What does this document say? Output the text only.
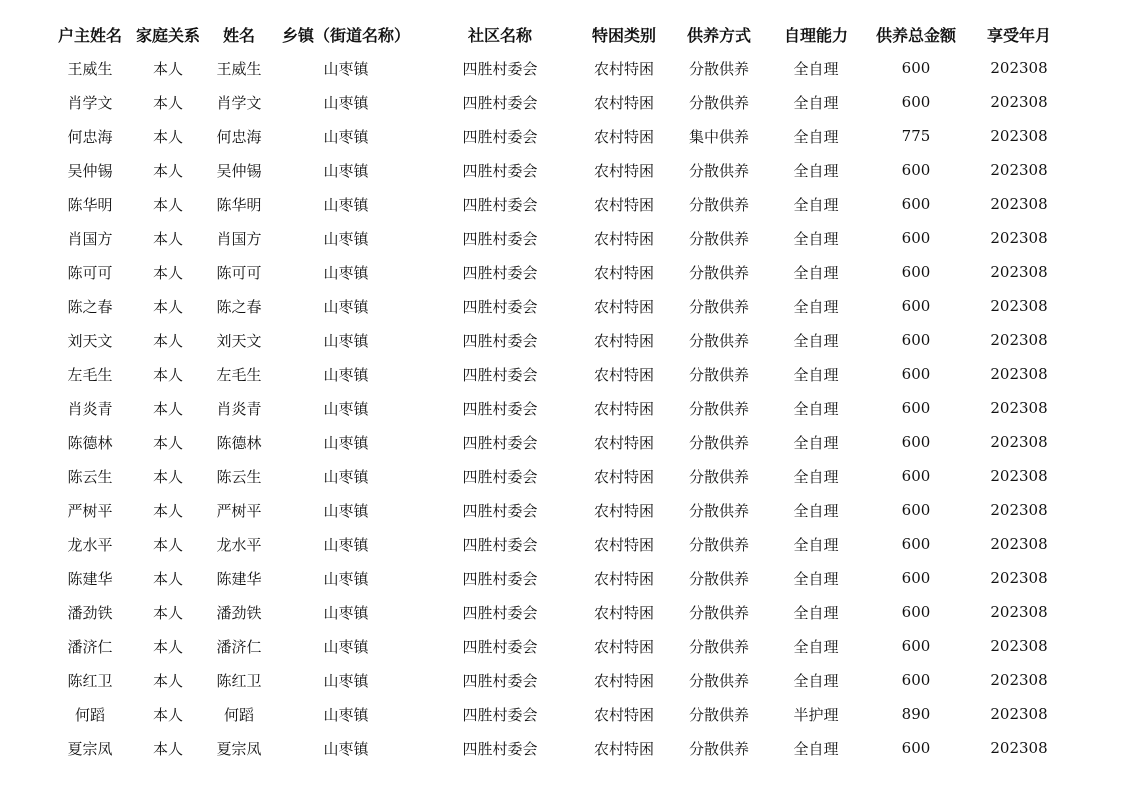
户主姓名	家庭关系	姓名	乡镇（街道名称）	社区名称	特困类别	供养方式	自理能力	供养总金额	享受年月
王威生	本人	王威生	山枣镇	四胜村委会	农村特困	分散供养	全自理	600	202308
肖学文	本人	肖学文	山枣镇	四胜村委会	农村特困	分散供养	全自理	600	202308
何忠海	本人	何忠海	山枣镇	四胜村委会	农村特困	集中供养	全自理	775	202308
吴仲锡	本人	吴仲锡	山枣镇	四胜村委会	农村特困	分散供养	全自理	600	202308
陈华明	本人	陈华明	山枣镇	四胜村委会	农村特困	分散供养	全自理	600	202308
肖国方	本人	肖国方	山枣镇	四胜村委会	农村特困	分散供养	全自理	600	202308
陈可可	本人	陈可可	山枣镇	四胜村委会	农村特困	分散供养	全自理	600	202308
陈之春	本人	陈之春	山枣镇	四胜村委会	农村特困	分散供养	全自理	600	202308
刘天文	本人	刘天文	山枣镇	四胜村委会	农村特困	分散供养	全自理	600	202308
左毛生	本人	左毛生	山枣镇	四胜村委会	农村特困	分散供养	全自理	600	202308
肖炎青	本人	肖炎青	山枣镇	四胜村委会	农村特困	分散供养	全自理	600	202308
陈德林	本人	陈德林	山枣镇	四胜村委会	农村特困	分散供养	全自理	600	202308
陈云生	本人	陈云生	山枣镇	四胜村委会	农村特困	分散供养	全自理	600	202308
严树平	本人	严树平	山枣镇	四胜村委会	农村特困	分散供养	全自理	600	202308
龙水平	本人	龙水平	山枣镇	四胜村委会	农村特困	分散供养	全自理	600	202308
陈建华	本人	陈建华	山枣镇	四胜村委会	农村特困	分散供养	全自理	600	202308
潘劲铁	本人	潘劲铁	山枣镇	四胜村委会	农村特困	分散供养	全自理	600	202308
潘济仁	本人	潘济仁	山枣镇	四胜村委会	农村特困	分散供养	全自理	600	202308
陈红卫	本人	陈红卫	山枣镇	四胜村委会	农村特困	分散供养	全自理	600	202308
何蹈	本人	何蹈	山枣镇	四胜村委会	农村特困	分散供养	半护理	890	202308
夏宗凤	本人	夏宗凤	山枣镇	四胜村委会	农村特困	分散供养	全自理	600	202308
